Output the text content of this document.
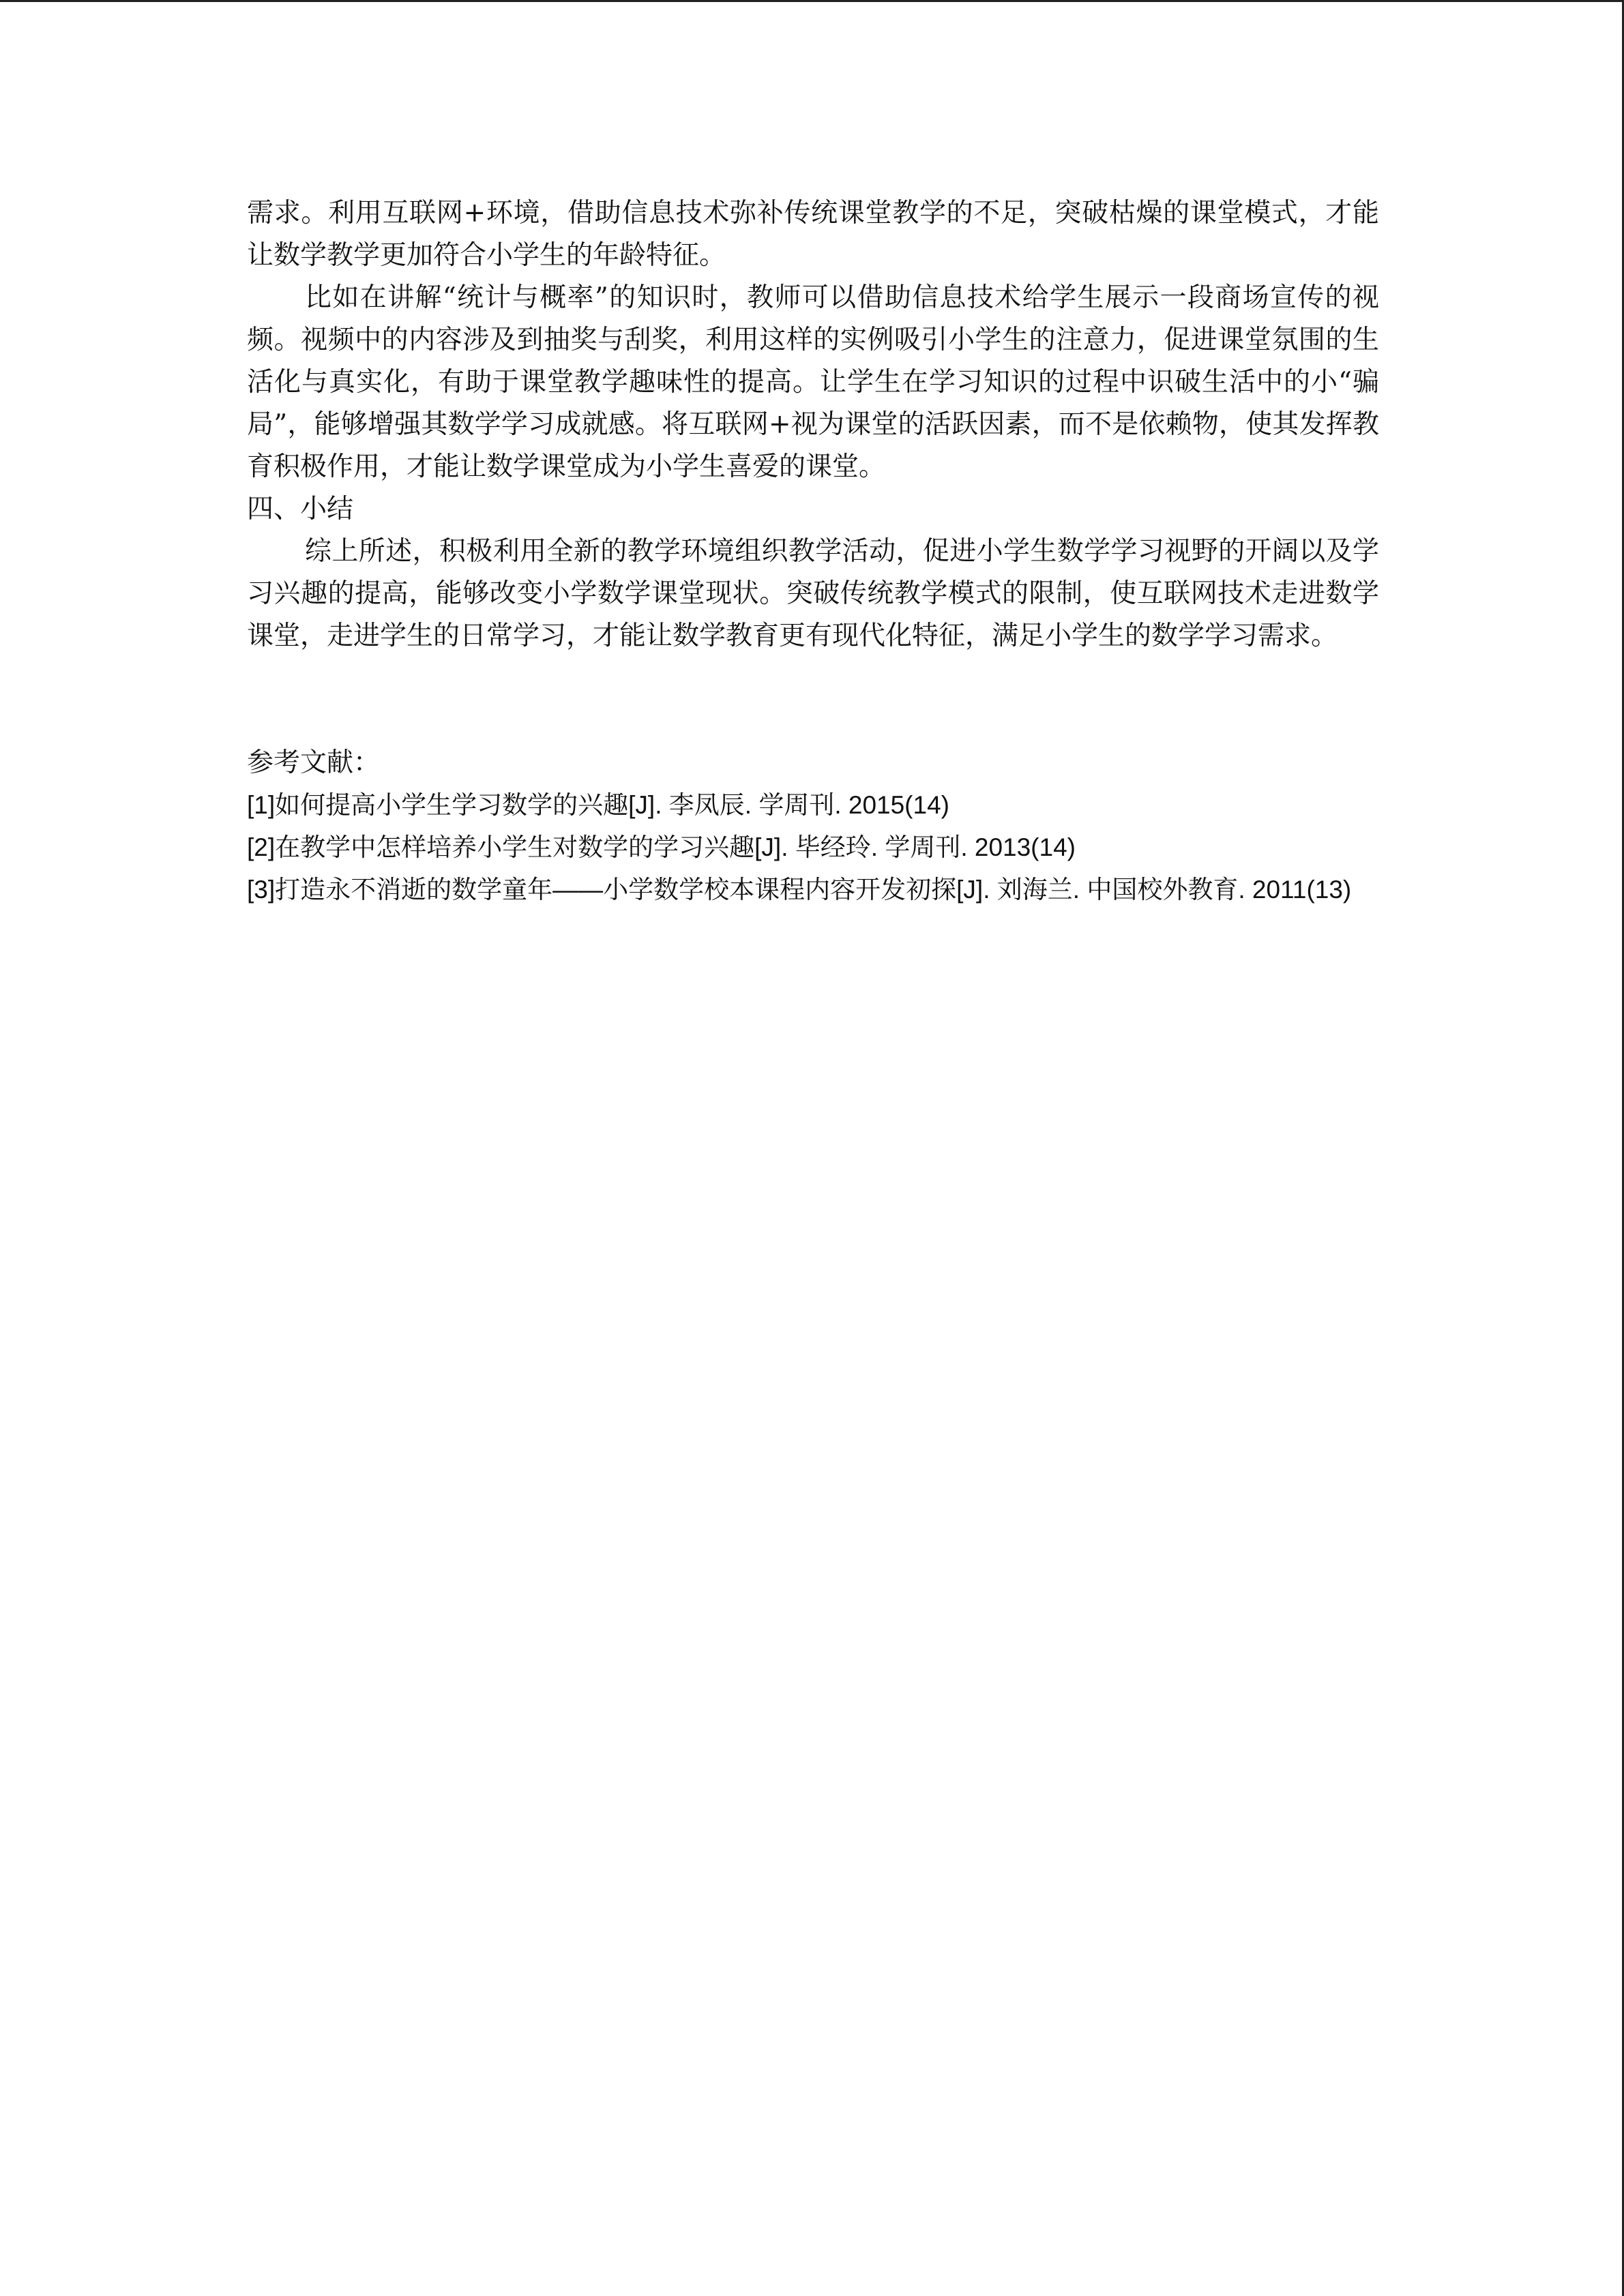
需求。利用互联网+环境，借助信息技术弥补传统课堂教学的不足，突破枯燥的课堂模式，才能让数学教学更加符合小学生的年龄特征。

比如在讲解“统计与概率”的知识时，教师可以借助信息技术给学生展示一段商场宣传的视频。视频中的内容涉及到抽奖与刮奖，利用这样的实例吸引小学生的注意力，促进课堂氛围的生活化与真实化，有助于课堂教学趣味性的提高。让学生在学习知识的过程中识破生活中的小“骗局”，能够增强其数学学习成就感。将互联网+视为课堂的活跃因素，而不是依赖物，使其发挥教育积极作用，才能让数学课堂成为小学生喜爱的课堂。

四、小结

综上所述，积极利用全新的教学环境组织教学活动，促进小学生数学学习视野的开阔以及学习兴趣的提高，能够改变小学数学课堂现状。突破传统教学模式的限制，使互联网技术走进数学课堂，走进学生的日常学习，才能让数学教育更有现代化特征，满足小学生的数学学习需求。

参考文献：

[1]如何提高小学生学习数学的兴趣[J]. 李凤辰. 学周刊. 2015(14)

[2]在教学中怎样培养小学生对数学的学习兴趣[J]. 毕经玲. 学周刊. 2013(14)

[3]打造永不消逝的数学童年——小学数学校本课程内容开发初探[J]. 刘海兰. 中国校外教育. 2011(13)
